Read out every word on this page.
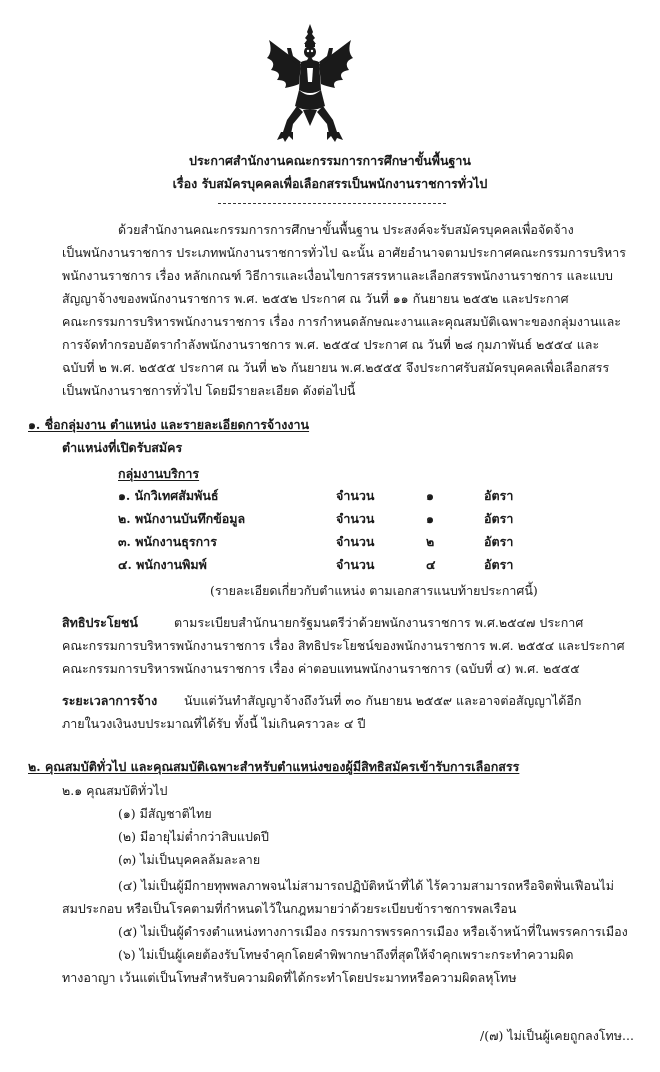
ประกาศสำนักงานคณะกรรมการการศึกษาขั้นพื้นฐาน
เรื่อง รับสมัครบุคคลเพื่อเลือกสรรเป็นพนักงานราชการทั่วไป
ด้วยสำนักงานคณะกรรมการการศึกษาขั้นพื้นฐาน ประสงค์จะรับสมัครบุคคลเพื่อจัดจ้าง
เป็นพนักงานราชการ ประเภทพนักงานราชการทั่วไป ฉะนั้น อาศัยอำนาจตามประกาศคณะกรรมการบริหาร
พนักงานราชการ เรื่อง หลักเกณฑ์ วิธีการและเงื่อนไขการสรรหาและเลือกสรรพนักงานราชการ และแบบ
สัญญาจ้างของพนักงานราชการ พ.ศ. ๒๕๕๒ ประกาศ ณ วันที่ ๑๑ กันยายน ๒๕๕๒ และประกาศ
คณะกรรมการบริหารพนักงานราชการ เรื่อง การกำหนดลักษณะงานและคุณสมบัติเฉพาะของกลุ่มงานและ
การจัดทำกรอบอัตรากำลังพนักงานราชการ พ.ศ. ๒๕๕๔ ประกาศ ณ วันที่ ๒๘ กุมภาพันธ์ ๒๕๕๔ และ
ฉบับที่ ๒ พ.ศ. ๒๕๕๕ ประกาศ ณ วันที่ ๒๖ กันยายน พ.ศ.๒๕๕๕ จึงประกาศรับสมัครบุคคลเพื่อเลือกสรร
เป็นพนักงานราชการทั่วไป โดยมีรายละเอียด ดังต่อไปนี้
๑. ชื่อกลุ่มงาน ตำแหน่ง และรายละเอียดการจ้างงาน
ตำแหน่งที่เปิดรับสมัคร
กลุ่มงานบริการ
๑. นักวิเทศสัมพันธ์	จำนวน	๑	อัตรา
๒. พนักงานบันทึกข้อมูล	จำนวน	๑	อัตรา
๓. พนักงานธุรการ	จำนวน	๒	อัตรา
๔. พนักงานพิมพ์	จำนวน	๔	อัตรา
(รายละเอียดเกี่ยวกับตำแหน่ง ตามเอกสารแนบท้ายประกาศนี้)
สิทธิประโยชน์	ตามระเบียบสำนักนายกรัฐมนตรีว่าด้วยพนักงานราชการ พ.ศ.๒๕๔๗ ประกาศ
คณะกรรมการบริหารพนักงานราชการ เรื่อง สิทธิประโยชน์ของพนักงานราชการ พ.ศ. ๒๕๕๔ และประกาศ
คณะกรรมการบริหารพนักงานราชการ เรื่อง ค่าตอบแทนพนักงานราชการ (ฉบับที่ ๔) พ.ศ. ๒๕๕๕
ระยะเวลาการจ้าง นับแต่วันทำสัญญาจ้างถึงวันที่ ๓๐ กันยายน ๒๕๕๙ และอาจต่อสัญญาได้อีก
ภายในวงเงินงบประมาณที่ได้รับ ทั้งนี้ ไม่เกินคราวละ ๔ ปี
๒. คุณสมบัติทั่วไป และคุณสมบัติเฉพาะสำหรับตำแหน่งของผู้มีสิทธิสมัครเข้ารับการเลือกสรร
๒.๑ คุณสมบัติทั่วไป
(๑) มีสัญชาติไทย
(๒) มีอายุไม่ต่ำกว่าสิบแปดปี
(๓) ไม่เป็นบุคคลล้มละลาย
(๔) ไม่เป็นผู้มีกายทุพพลภาพจนไม่สามารถปฏิบัติหน้าที่ได้ ไร้ความสามารถหรือจิตฟั่นเฟือนไม่
สมประกอบ หรือเป็นโรคตามที่กำหนดไว้ในกฎหมายว่าด้วยระเบียบข้าราชการพลเรือน
(๕) ไม่เป็นผู้ดำรงตำแหน่งทางการเมือง กรรมการพรรคการเมือง หรือเจ้าหน้าที่ในพรรคการเมือง
(๖) ไม่เป็นผู้เคยต้องรับโทษจำคุกโดยคำพิพากษาถึงที่สุดให้จำคุกเพราะกระทำความผิด
ทางอาญา เว้นแต่เป็นโทษสำหรับความผิดที่ได้กระทำโดยประมาทหรือความผิดลหุโทษ
/(๗) ไม่เป็นผู้เคยถูกลงโทษ...
